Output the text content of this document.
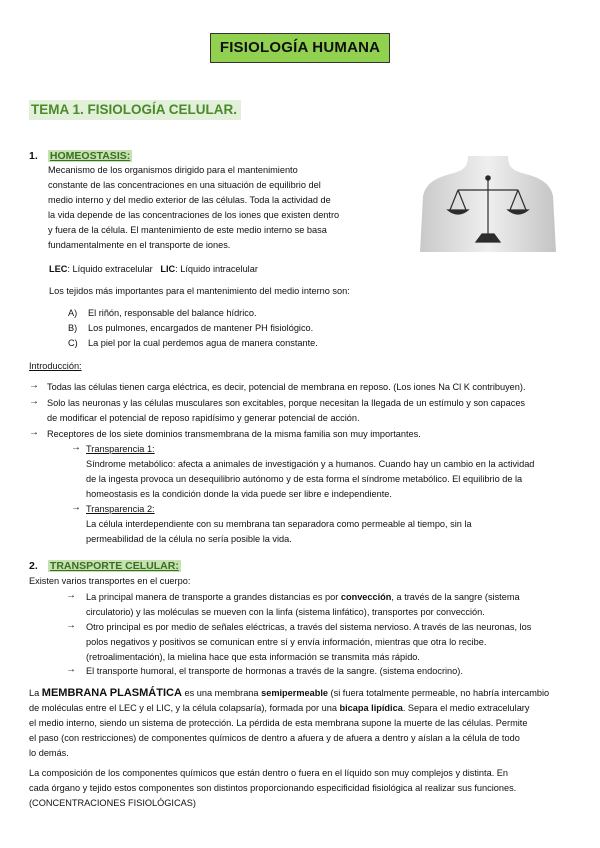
FISIOLOGÍA HUMANA
TEMA 1. FISIOLOGÍA CELULAR.
1. HOMEOSTASIS:
Mecanismo de los organismos dirigido para el mantenimiento
constante de las concentraciones en una situación de equilibrio del
medio interno y del medio exterior de las células. Toda la actividad de
la vida depende de las concentraciones de los iones que existen dentro
y fuera de la célula. El mantenimiento de este medio interno se basa
fundamentalmente en el transporte de iones.
LEC: Líquido extracelular LIC: Líquido intracelular
Los tejidos más importantes para el mantenimiento del medio interno son:
A) El riñón, responsable del balance hídrico.
B) Los pulmones, encargados de mantener PH fisiológico.
C) La piel por la cual perdemos agua de manera constante.
Introducción:
→ Todas las células tienen carga eléctrica, es decir, potencial de membrana en reposo. (Los iones Na Cl K contribuyen).
→ Solo las neuronas y las células musculares son excitables, porque necesitan la llegada de un estímulo y son capaces
de modificar el potencial de reposo rapidísimo y generar potencial de acción.
→ Receptores de los siete dominios transmembrana de la misma familia son muy importantes.
→ Transparencia 1:
Síndrome metabólico: afecta a animales de investigación y a humanos. Cuando hay un cambio en la actividad
de la ingesta provoca un desequilibrio autónomo y de esta forma el síndrome metabólico. El equilibrio de la
homeostasis es la condición donde la vida puede ser libre e independiente.
→ Transparencia 2:
La célula interdependiente con su membrana tan separadora como permeable al tiempo, sin la
permeabilidad de la célula no sería posible la vida.
2. TRANSPORTE CELULAR:
Existen varios transportes en el cuerpo:
→ La principal manera de transporte a grandes distancias es por convección, a través de la sangre (sistema
circulatorio) y las moléculas se mueven con la linfa (sistema linfático), transportes por convección.
→ Otro principal es por medio de señales eléctricas, a través del sistema nervioso. A través de las neuronas, los
polos negativos y positivos se comunican entre sí y envía información, mientras que otra lo recibe.
(retroalimentación), la mielina hace que esta información se transmita más rápido.
→ El transporte humoral, el transporte de hormonas a través de la sangre. (sistema endocrino).
La MEMBRANA PLASMÁTICA es una membrana semipermeable (si fuera totalmente permeable, no habría intercambio
de moléculas entre el LEC y el LIC, y la célula colapsaría), formada por una bicapa lipídica. Separa el medio extracelulary
el medio interno, siendo un sistema de protección. La pérdida de esta membrana supone la muerte de las células. Permite
el paso (con restricciones) de componentes químicos de dentro a afuera y de afuera a dentro y aíslan a la célula de todo
lo demás.
La composición de los componentes químicos que están dentro o fuera en el líquido son muy complejos y distinta. En
cada órgano y tejido estos componentes son distintos proporcionando especificidad fisiológica al realizar sus funciones.
(CONCENTRACIONES FISIOLÓGICAS)
